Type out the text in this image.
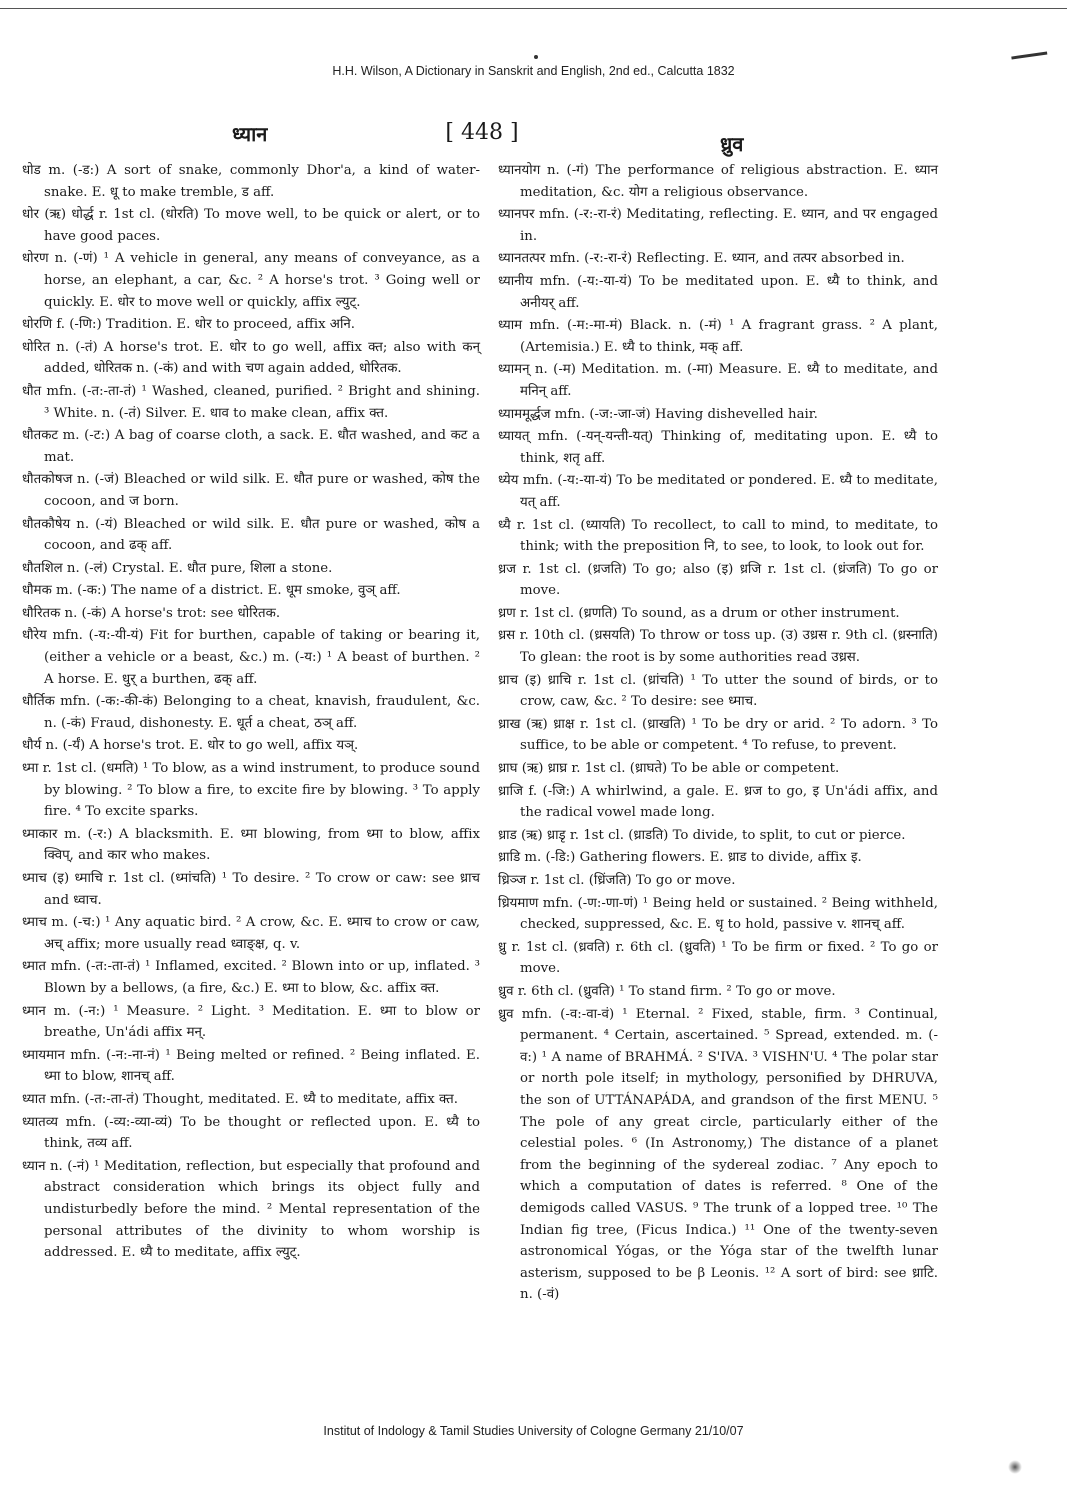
H.H. Wilson, A Dictionary in Sanskrit and English, 2nd ed., Calcutta 1832
ध्यान	[ 448 ]	ध्रुव

धोड m. (-ड:) A sort of snake, commonly Dhor'a, a kind of water-snake. E. धू to make tremble, ड aff.

धोर (ऋ) धोर्द्ध r. 1st cl. (धोरति) To move well, to be quick or alert, or to have good paces.

धोरण n. (-णं) ¹ A vehicle in general, any means of conveyance, as a horse, an elephant, a car, &c. ² A horse's trot. ³ Going well or quickly. E. धोर to move well or quickly, affix ल्युट्.

धोरणि f. (-णि:) Tradition. E. धोर to proceed, affix अनि.

धोरित n. (-तं) A horse's trot. E. धोर to go well, affix क्त; also with कन् added, धोरितक n. (-कं) and with चण again added, धोरितक.

धौत mfn. (-त:-ता-तं) ¹ Washed, cleaned, purified. ² Bright and shining. ³ White. n. (-तं) Silver. E. धाव to make clean, affix क्त.

धौतकट m. (-ट:) A bag of coarse cloth, a sack. E. धौत washed, and कट a mat.

धौतकोषज n. (-जं) Bleached or wild silk. E. धौत pure or washed, कोष the cocoon, and ज born.

धौतकौषेय n. (-यं) Bleached or wild silk. E. धौत pure or washed, कोष a cocoon, and ढक् aff.

धौतशिल n. (-लं) Crystal. E. धौत pure, शिला a stone.

धौमक m. (-क:) The name of a district. E. धूम smoke, वुञ् aff.

धौरितक n. (-कं) A horse's trot: see धोरितक.

धौरेय mfn. (-य:-यी-यं) Fit for burthen, capable of taking or bearing it, (either a vehicle or a beast, &c.) m. (-य:) ¹ A beast of burthen. ² A horse. E. धुर् a burthen, ढक् aff.

धौर्तिक mfn. (-क:-की-कं) Belonging to a cheat, knavish, fraudulent, &c. n. (-कं) Fraud, dishonesty. E. धूर्त a cheat, ठञ् aff.

धौर्य n. (-र्यं) A horse's trot. E. धोर to go well, affix यञ्.

ध्मा r. 1st cl. (धमति) ¹ To blow, as a wind instrument, to produce sound by blowing. ² To blow a fire, to excite fire by blowing. ³ To apply fire. ⁴ To excite sparks.

ध्माकार m. (-र:) A blacksmith. E. ध्मा blowing, from ध्मा to blow, affix क्विप्, and कार who makes.

ध्माच (इ) ध्माचि r. 1st cl. (ध्मांचति) ¹ To desire. ² To crow or caw: see ध्राच and ध्वाच.

ध्माच m. (-च:) ¹ Any aquatic bird. ² A crow, &c. E. ध्माच to crow or caw, अच् affix; more usually read ध्वाङ्क्ष, q. v.

ध्मात mfn. (-त:-ता-तं) ¹ Inflamed, excited. ² Blown into or up, inflated. ³ Blown by a bellows, (a fire, &c.) E. ध्मा to blow, &c. affix क्त.

ध्मान m. (-न:) ¹ Measure. ² Light. ³ Meditation. E. ध्मा to blow or breathe, Un'ádi affix मन्.

ध्मायमान mfn. (-न:-ना-नं) ¹ Being melted or refined. ² Being inflated. E. ध्मा to blow, शानच् aff.

ध्यात mfn. (-त:-ता-तं) Thought, meditated. E. ध्यै to meditate, affix क्त.

ध्यातव्य mfn. (-व्य:-व्या-व्यं) To be thought or reflected upon. E. ध्यै to think, तव्य aff.

ध्यान n. (-नं) ¹ Meditation, reflection, but especially that profound and abstract consideration which brings its object fully and undisturbedly before the mind. ² Mental representation of the personal attributes of the divinity to whom worship is addressed. E. ध्यै to meditate, affix ल्युट्.

ध्यानयोग n. (-गं) The performance of religious abstraction. E. ध्यान meditation, &c. योग a religious observance.

ध्यानपर mfn. (-र:-रा-रं) Meditating, reflecting. E. ध्यान, and पर engaged in.

ध्यानतत्पर mfn. (-र:-रा-रं) Reflecting. E. ध्यान, and तत्पर absorbed in.

ध्यानीय mfn. (-य:-या-यं) To be meditated upon. E. ध्यै to think, and अनीयर् aff.

ध्याम mfn. (-म:-मा-मं) Black. n. (-मं) ¹ A fragrant grass. ² A plant, (Artemisia.) E. ध्यै to think, मक् aff.

ध्यामन् n. (-म) Meditation. m. (-मा) Measure. E. ध्यै to meditate, and मनिन् aff.

ध्याममूर्द्धज mfn. (-ज:-जा-जं) Having dishevelled hair.

ध्यायत् mfn. (-यन्-यन्ती-यत्) Thinking of, meditating upon. E. ध्यै to think, शतृ aff.

ध्येय mfn. (-य:-या-यं) To be meditated or pondered. E. ध्यै to meditate, यत् aff.

ध्यै r. 1st cl. (ध्यायति) To recollect, to call to mind, to meditate, to think; with the preposition नि, to see, to look, to look out for.

ध्रज r. 1st cl. (ध्रजति) To go; also (इ) ध्रजि r. 1st cl. (ध्रंजति) To go or move.

ध्रण r. 1st cl. (ध्रणति) To sound, as a drum or other instrument.

ध्रस r. 10th cl. (ध्रसयति) To throw or toss up. (उ) उध्रस r. 9th cl. (ध्रस्नाति) To glean: the root is by some authorities read उध्रस.

ध्राच (इ) ध्राचि r. 1st cl. (ध्रांचति) ¹ To utter the sound of birds, or to crow, caw, &c. ² To desire: see ध्माच.

ध्राख (ऋ) ध्राक्ष r. 1st cl. (ध्राखति) ¹ To be dry or arid. ² To adorn. ³ To suffice, to be able or competent. ⁴ To refuse, to prevent.

ध्राघ (ऋ) ध्राघ्र r. 1st cl. (ध्राघते) To be able or competent.

ध्राजि f. (-जि:) A whirlwind, a gale. E. ध्रज to go, इ Un'ádi affix, and the radical vowel made long.

ध्राड (ऋ) ध्राडृ r. 1st cl. (ध्राडति) To divide, to split, to cut or pierce.

ध्राडि m. (-डि:) Gathering flowers. E. ध्राड to divide, affix इ.

ध्रिञ्ज r. 1st cl. (ध्रिंजति) To go or move.

ध्रियमाण mfn. (-ण:-णा-णं) ¹ Being held or sustained. ² Being withheld, checked, suppressed, &c. E. धृ to hold, passive v. शानच् aff.

ध्रु r. 1st cl. (ध्रवति) r. 6th cl. (ध्रुवति) ¹ To be firm or fixed. ² To go or move.

ध्रुव r. 6th cl. (ध्रुवति) ¹ To stand firm. ² To go or move.

ध्रुव mfn. (-व:-वा-वं) ¹ Eternal. ² Fixed, stable, firm. ³ Continual, permanent. ⁴ Certain, ascertained. ⁵ Spread, extended. m. (-व:) ¹ A name of BRAHMÁ. ² S'IVA. ³ VISHN'U. ⁴ The polar star or north pole itself; in mythology, personified by DHRUVA, the son of UTTÁNAPÁDA, and grandson of the first MENU. ⁵ The pole of any great circle, particularly either of the celestial poles. ⁶ (In Astronomy,) The distance of a planet from the beginning of the sydereal zodiac. ⁷ Any epoch to which a computation of dates is referred. ⁸ One of the demigods called VASUS. ⁹ The trunk of a lopped tree. ¹⁰ The Indian fig tree, (Ficus Indica.) ¹¹ One of the twenty-seven astronomical Yógas, or the Yóga star of the twelfth lunar asterism, supposed to be β Leonis. ¹² A sort of bird: see ध्राटि. n. (-वं)

Institut of Indology & Tamil Studies University of Cologne Germany 21/10/07
